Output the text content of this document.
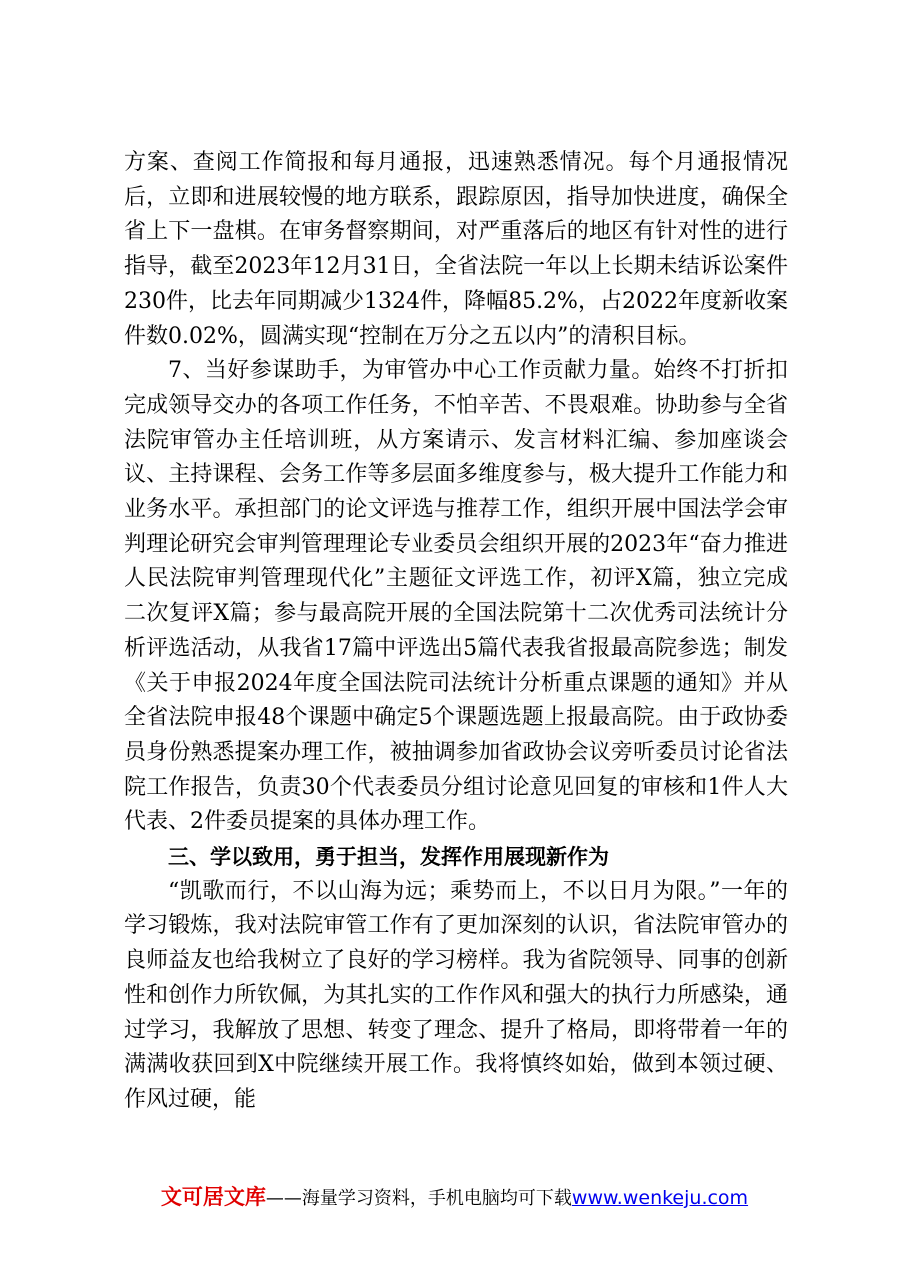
方案、查阅工作简报和每月通报，迅速熟悉情况。每个月通报情况后，立即和进展较慢的地方联系，跟踪原因，指导加快进度，确保全省上下一盘棋。在审务督察期间，对严重落后的地区有针对性的进行指导，截至2023年12月31日，全省法院一年以上长期未结诉讼案件230件，比去年同期减少1324件，降幅85.2%，占2022年度新收案件数0.02%，圆满实现“控制在万分之五以内”的清积目标。

7、当好参谋助手，为审管办中心工作贡献力量。始终不打折扣完成领导交办的各项工作任务，不怕辛苦、不畏艰难。协助参与全省法院审管办主任培训班，从方案请示、发言材料汇编、参加座谈会议、主持课程、会务工作等多层面多维度参与，极大提升工作能力和业务水平。承担部门的论文评选与推荐工作，组织开展中国法学会审判理论研究会审判管理理论专业委员会组织开展的2023年“奋力推进人民法院审判管理现代化”主题征文评选工作，初评X篇，独立完成二次复评X篇；参与最高院开展的全国法院第十二次优秀司法统计分析评选活动，从我省17篇中评选出5篇代表我省报最高院参选；制发《关于申报2024年度全国法院司法统计分析重点课题的通知》并从全省法院申报48个课题中确定5个课题选题上报最高院。由于政协委员身份熟悉提案办理工作，被抽调参加省政协会议旁听委员讨论省法院工作报告，负责30个代表委员分组讨论意见回复的审核和1件人大代表、2件委员提案的具体办理工作。

三、学以致用，勇于担当，发挥作用展现新作为

“凯歌而行，不以山海为远；乘势而上，不以日月为限。”一年的学习锻炼，我对法院审管工作有了更加深刻的认识，省法院审管办的良师益友也给我树立了良好的学习榜样。我为省院领导、同事的创新性和创作力所钦佩，为其扎实的工作作风和强大的执行力所感染，通过学习，我解放了思想、转变了理念、提升了格局，即将带着一年的满满收获回到X中院继续开展工作。我将慎终如始，做到本领过硬、作风过硬，能

文可居文库——海量学习资料，手机电脑均可下载www.wenkeju.com
